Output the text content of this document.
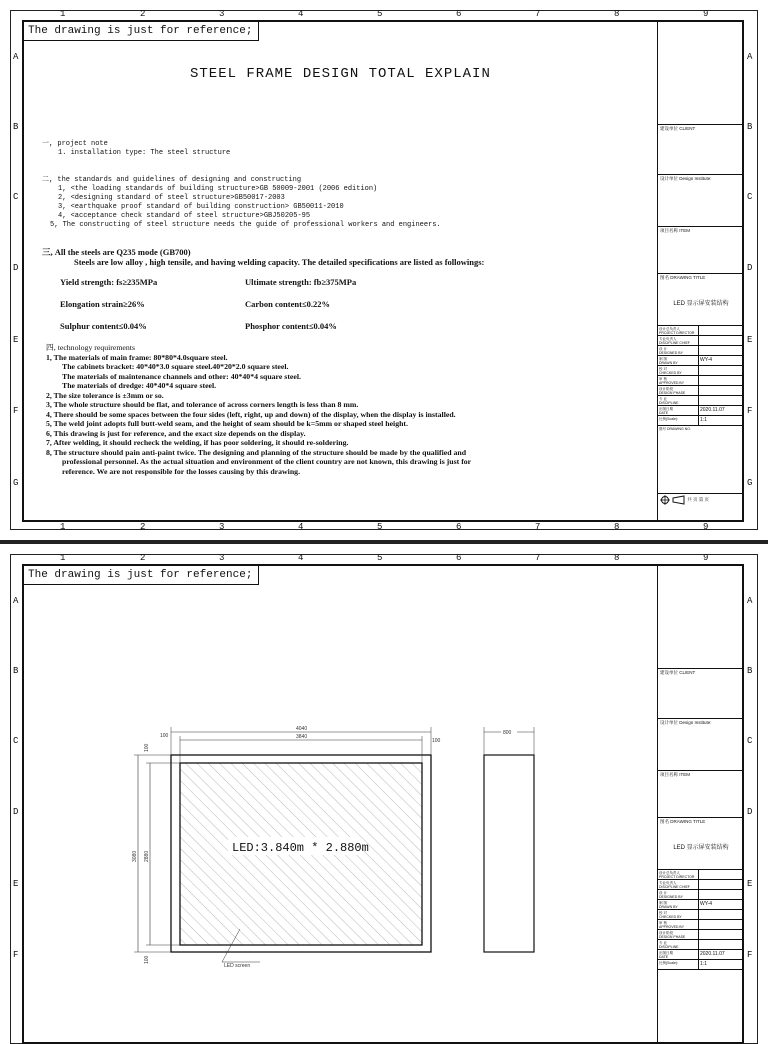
1	2	3	4	5	6	7	8	9
1	2	3	4	5	6	7	8	9
A
B
C
D
E
F
G
A
B
C
D
E
F
G
The drawing is just for reference;
STEEL FRAME DESIGN TOTAL EXPLAIN

一, project note

1. installation type: The steel structure

二, the standards and guidelines of designing and constructing

1, <the loading standards of building structure>GB 50009-2001 (2006 edition)

2, <designing standard of steel structure>GB50017-2003

3, <earthquake proof standard of building construction> GB50011-2010

4, <acceptance check standard of steel structure>GBJ50205-95

5, The constructing of steel structure needs the guide of professional workers and engineers.

三, All the steels are Q235 mode (GB700)
Steels are low alloy , high tensile, and having welding capacity. The detailed specifications are listed as followings:
Yield strength: fs≥235MPa	Ultimate strength: fb≥375MPa
Elongation strain≥26%	Carbon content≤0.22%
Sulphur content≤0.04%	Phosphor content≤0.04%

四, technology requirements

1, The materials of main frame: 80*80*4.0square steel.

The cabinets bracket: 40*40*3.0 square steel.40*20*2.0 square steel.

The materials of maintenance channels and other: 40*40*4 square steel.

The materials of dredge: 40*40*4 square steel.

2, The size tolerance is ±3mm or so.

3, The whole structure should be flat, and tolerance of across corners length is less than 8 mm.

4, There should be some spaces between the four sides (left, right, up and down) of the display, when the display is installed.

5, The weld joint adopts full butt-weld seam, and the height of seam should be k=5mm or shaped steel height.

6, This drawing is just for reference, and the exact size depends on the display.

7, After welding, it should recheck the welding, if has poor soldering, it should re-soldering.

8, The structure should pain anti-paint twice. The designing and planning of the structure should be made by the qualified and

professional personnel. As the actual situation and environment of the client country are not known, this drawing is just for

reference. We are not responsible for the losses causing by this drawing.

建设单位 CLIENT
设计单位 Design Institute:
项目名称 ITEM
图名 DRAWING TITLE
LED 显示屏安装结构
设计总负责人
PROJECT DIRECTOR
专业负责人
DISCIPLINE CHIEF
设 计
DESIGNED BY
制 图
DRAWN BY	WY-4
校 对
CHECKED BY
审 核
APPROVED BY
设计阶段
DESIGN PHASE
专 业
DISCIPLINE
出图日期
DATE	2020.11.07
比例(Scale):	1:1
图号 DRAWING NO.
共 页 第 页
1	2	3	4	5	6	7	8	9
A
B
C
D
E
F
A
B
C
D
E
F
The drawing is just for reference;
4040
3840
100
100
3080 2880
100
100
LED:3.840m * 2.880m
LED screen
800
建设单位 CLIENT
设计单位 Design Institute:
项目名称 ITEM
图名 DRAWING TITLE
LED 显示屏安装结构
设计总负责人
PROJECT DIRECTOR
专业负责人
DISCIPLINE CHIEF
设 计
DESIGNED BY
制 图
DRAWN BY	WY-4
校 对
CHECKED BY
审 核
APPROVED BY
设计阶段
DESIGN PHASE
专 业
DISCIPLINE
出图日期
DATE	2020.11.07
比例(Scale):	1:1
